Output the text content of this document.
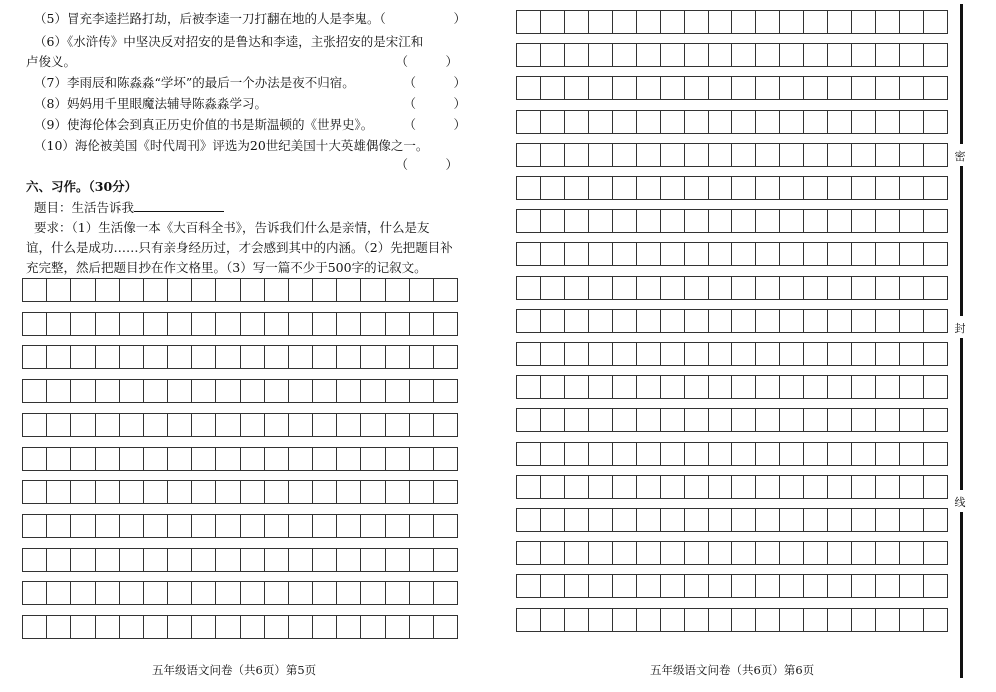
（5）冒充李逵拦路打劫，后被李逵一刀打翻在地的人是李鬼。（	）
（6）《水浒传》中坚决反对招安的是鲁达和李逵，主张招安的是宋江和
卢俊义。	（　　　）
（7）李雨辰和陈淼淼“学坏”的最后一个办法是夜不归宿。	（　　　）
（8）妈妈用千里眼魔法辅导陈淼淼学习。	（　　　）
（9）使海伦体会到真正历史价值的书是斯温顿的《世界史》。 （　　　）
（10）海伦被美国《时代周刊》评选为20世纪美国十大英雄偶像之一。
（　　　）
六、习作。（30分）
题目：生活告诉我
要求：（1）生活像一本《大百科全书》，告诉我们什么是亲情，什么是友
谊，什么是成功……只有亲身经历过，才会感到其中的内涵。（2）先把题目补
充完整，然后把题目抄在作文格里。（3）写一篇不少于500字的记叙文。
五年级语文问卷（共6页）第5页	五年级语文问卷（共6页）第6页
密
封
线
